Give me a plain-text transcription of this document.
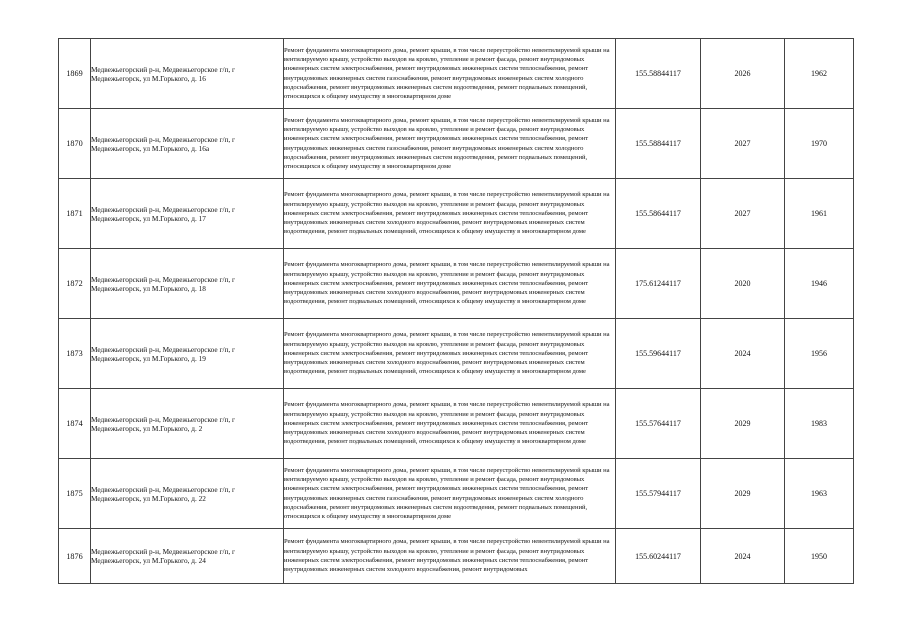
1869	Медвежьегорский р-н, Медвежьегорское г/п, г Медвежьегорск, ул М.Горького, д. 16	Ремонт фундамента многоквартирного дома, ремонт крыши, в том числе переустройство невентилируемой крыши на вентилируемую крышу, устройство выходов на кровлю, утепление и ремонт фасада, ремонт внутридомовых инженерных систем электроснабжения, ремонт внутридомовых инженерных систем теплоснабжения, ремонт внутридомовых инженерных систем газоснабжения, ремонт внутридомовых инженерных систем холодного водоснабжения, ремонт внутридомовых инженерных систем водоотведения, ремонт подвальных помещений, относящихся к общему имуществу в многоквартирном доме	155.58844117	2026	1962
1870	Медвежьегорский р-н, Медвежьегорское г/п, г Медвежьегорск, ул М.Горького, д. 16а	Ремонт фундамента многоквартирного дома, ремонт крыши, в том числе переустройство невентилируемой крыши на вентилируемую крышу, устройство выходов на кровлю, утепление и ремонт фасада, ремонт внутридомовых инженерных систем электроснабжения, ремонт внутридомовых инженерных систем теплоснабжения, ремонт внутридомовых инженерных систем газоснабжения, ремонт внутридомовых инженерных систем холодного водоснабжения, ремонт внутридомовых инженерных систем водоотведения, ремонт подвальных помещений, относящихся к общему имуществу в многоквартирном доме	155.58844117	2027	1970
1871	Медвежьегорский р-н, Медвежьегорское г/п, г Медвежьегорск, ул М.Горького, д. 17	Ремонт фундамента многоквартирного дома, ремонт крыши, в том числе переустройство невентилируемой крыши на вентилируемую крышу, устройство выходов на кровлю, утепление и ремонт фасада, ремонт внутридомовых инженерных систем электроснабжения, ремонт внутридомовых инженерных систем теплоснабжения, ремонт внутридомовых инженерных систем холодного водоснабжения, ремонт внутридомовых инженерных систем водоотведения, ремонт подвальных помещений, относящихся к общему имуществу в многоквартирном доме	155.58644117	2027	1961
1872	Медвежьегорский р-н, Медвежьегорское г/п, г Медвежьегорск, ул М.Горького, д. 18	Ремонт фундамента многоквартирного дома, ремонт крыши, в том числе переустройство невентилируемой крыши на вентилируемую крышу, устройство выходов на кровлю, утепление и ремонт фасада, ремонт внутридомовых инженерных систем электроснабжения, ремонт внутридомовых инженерных систем теплоснабжения, ремонт внутридомовых инженерных систем холодного водоснабжения, ремонт внутридомовых инженерных систем водоотведения, ремонт подвальных помещений, относящихся к общему имуществу в многоквартирном доме	175.61244117	2020	1946
1873	Медвежьегорский р-н, Медвежьегорское г/п, г Медвежьегорск, ул М.Горького, д. 19	Ремонт фундамента многоквартирного дома, ремонт крыши, в том числе переустройство невентилируемой крыши на вентилируемую крышу, устройство выходов на кровлю, утепление и ремонт фасада, ремонт внутридомовых инженерных систем электроснабжения, ремонт внутридомовых инженерных систем теплоснабжения, ремонт внутридомовых инженерных систем холодного водоснабжения, ремонт внутридомовых инженерных систем водоотведения, ремонт подвальных помещений, относящихся к общему имуществу в многоквартирном доме	155.59644117	2024	1956
1874	Медвежьегорский р-н, Медвежьегорское г/п, г Медвежьегорск, ул М.Горького, д. 2	Ремонт фундамента многоквартирного дома, ремонт крыши, в том числе переустройство невентилируемой крыши на вентилируемую крышу, устройство выходов на кровлю, утепление и ремонт фасада, ремонт внутридомовых инженерных систем электроснабжения, ремонт внутридомовых инженерных систем теплоснабжения, ремонт внутридомовых инженерных систем холодного водоснабжения, ремонт внутридомовых инженерных систем водоотведения, ремонт подвальных помещений, относящихся к общему имуществу в многоквартирном доме	155.57644117	2029	1983
1875	Медвежьегорский р-н, Медвежьегорское г/п, г Медвежьегорск, ул М.Горького, д. 22	Ремонт фундамента многоквартирного дома, ремонт крыши, в том числе переустройство невентилируемой крыши на вентилируемую крышу, устройство выходов на кровлю, утепление и ремонт фасада, ремонт внутридомовых инженерных систем электроснабжения, ремонт внутридомовых инженерных систем теплоснабжения, ремонт внутридомовых инженерных систем газоснабжения, ремонт внутридомовых инженерных систем холодного водоснабжения, ремонт внутридомовых инженерных систем водоотведения, ремонт подвальных помещений, относящихся к общему имуществу в многоквартирном доме	155.57944117	2029	1963
1876	Медвежьегорский р-н, Медвежьегорское г/п, г Медвежьегорск, ул М.Горького, д. 24	Ремонт фундамента многоквартирного дома, ремонт крыши, в том числе переустройство невентилируемой крыши на вентилируемую крышу, устройство выходов на кровлю, утепление и ремонт фасада, ремонт внутридомовых инженерных систем электроснабжения, ремонт внутридомовых инженерных систем теплоснабжения, ремонт внутридомовых инженерных систем холодного водоснабжения, ремонт внутридомовых	155.60244117	2024	1950
